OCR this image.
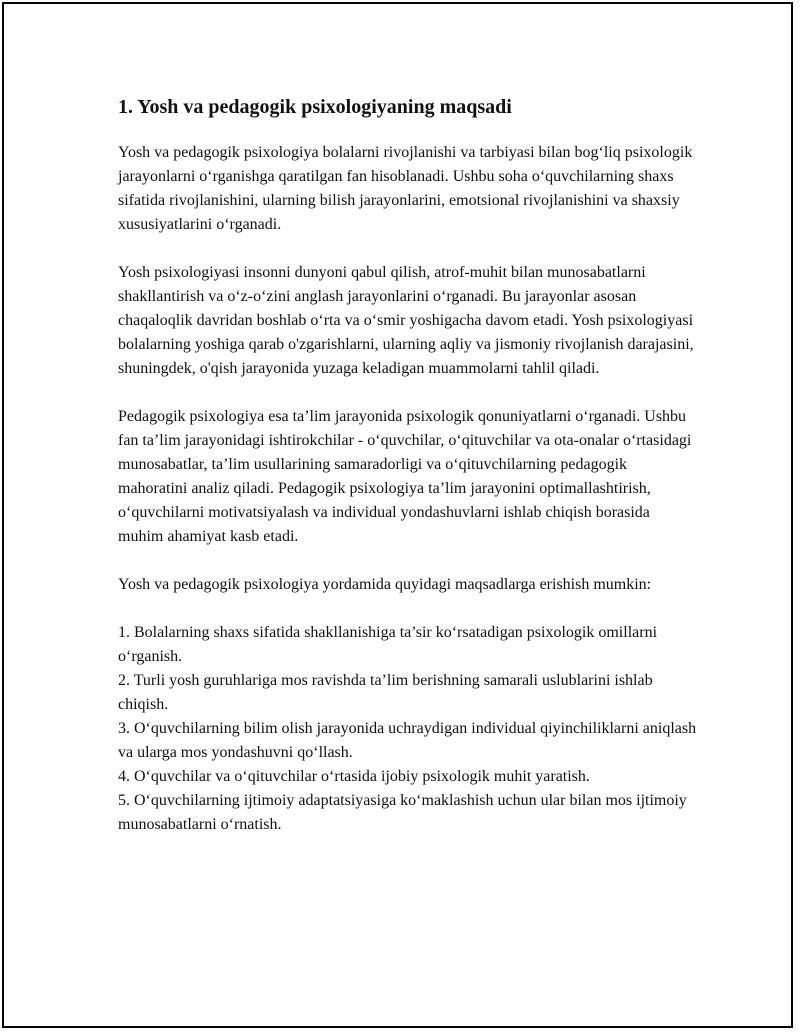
1. Yosh va pedagogik psixologiyaning maqsadi

Yosh va pedagogik psixologiya bolalarni rivojlanishi va tarbiyasi bilan bog‘liq psixologik jarayonlarni o‘rganishga qaratilgan fan hisoblanadi. Ushbu soha o‘quvchilarning shaxs sifatida rivojlanishini, ularning bilish jarayonlarini, emotsional rivojlanishini va shaxsiy xususiyatlarini o‘rganadi.

Yosh psixologiyasi insonni dunyoni qabul qilish, atrof-muhit bilan munosabatlarni shakllantirish va o‘z-o‘zini anglash jarayonlarini o‘rganadi. Bu jarayonlar asosan chaqaloqlik davridan boshlab o‘rta va o‘smir yoshigacha davom etadi. Yosh psixologiyasi bolalarning yoshiga qarab o'zgarishlarni, ularning aqliy va jismoniy rivojlanish darajasini, shuningdek, o'qish jarayonida yuzaga keladigan muammolarni tahlil qiladi.

Pedagogik psixologiya esa ta’lim jarayonida psixologik qonuniyatlarni o‘rganadi. Ushbu fan ta’lim jarayonidagi ishtirokchilar - o‘quvchilar, o‘qituvchilar va ota-onalar o‘rtasidagi munosabatlar, ta’lim usullarining samaradorligi va o‘qituvchilarning pedagogik mahoratini analiz qiladi. Pedagogik psixologiya ta’lim jarayonini optimallashtirish, o‘quvchilarni motivatsiyalash va individual yondashuvlarni ishlab chiqish borasida muhim ahamiyat kasb etadi.

Yosh va pedagogik psixologiya yordamida quyidagi maqsadlarga erishish mumkin:

1. Bolalarning shaxs sifatida shakllanishiga ta’sir ko‘rsatadigan psixologik omillarni o‘rganish.

2. Turli yosh guruhlariga mos ravishda ta’lim berishning samarali uslublarini ishlab chiqish.

3. O‘quvchilarning bilim olish jarayonida uchraydigan individual qiyinchiliklarni aniqlash va ularga mos yondashuvni qo‘llash.

4. O‘quvchilar va o‘qituvchilar o‘rtasida ijobiy psixologik muhit yaratish.

5. O‘quvchilarning ijtimoiy adaptatsiyasiga ko‘maklashish uchun ular bilan mos ijtimoiy munosabatlarni o‘rnatish.
